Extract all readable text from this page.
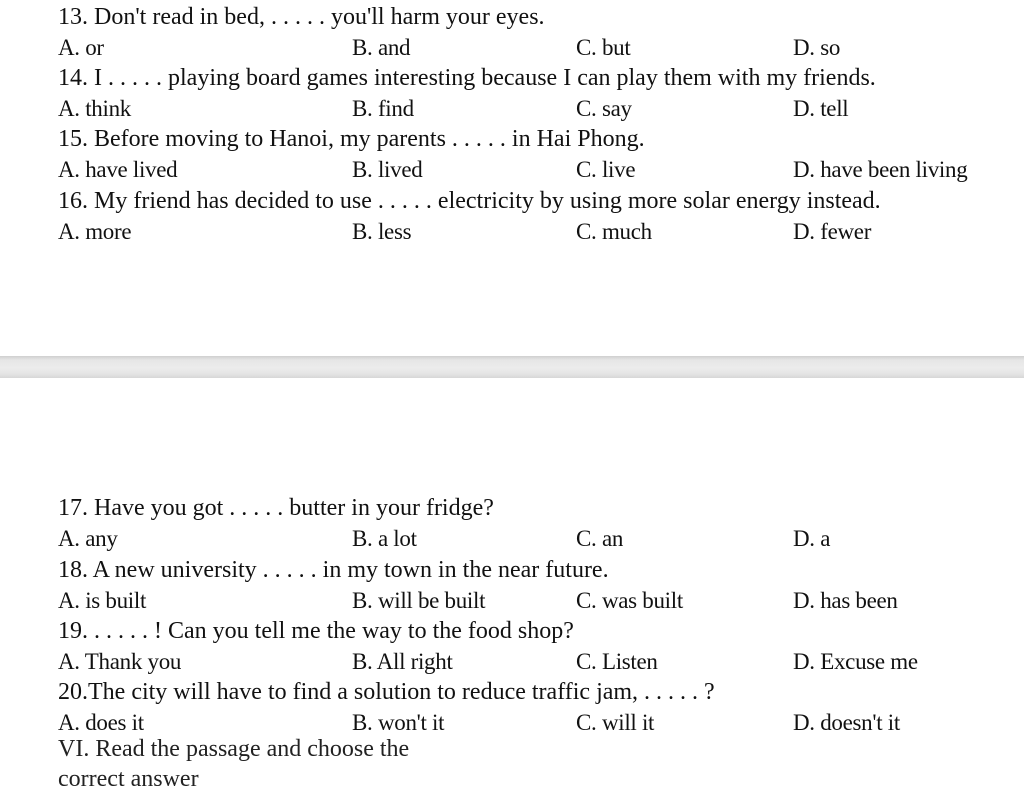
13. Don't read in bed, . . . . . you'll harm your eyes.
A. or	B. and	C. but	D. so
14. I . . . . . playing board games interesting because I can play them with my friends.
A. think	B. find	C. say	D. tell
15. Before moving to Hanoi, my parents . . . . . in Hai Phong.
A. have lived	B. lived	C. live	D. have been living
16. My friend has decided to use . . . . . electricity by using more solar energy instead.
A. more	B. less	C. much	D. fewer
17. Have you got . . . . . butter in your fridge?
A. any	B. a lot	C. an	D. a
18. A new university . . . . . in my town in the near future.
A. is built	B. will be built	C. was built	D. has been
19. . . . . . ! Can you tell me the way to the food shop?
A. Thank you	B. All right	C. Listen	D. Excuse me
20.The city will have to find a solution to reduce traffic jam, . . . . . ?
A. does it	B. won't it	C. will it	D. doesn't it
VI. Read the passage and choose the correct answer
